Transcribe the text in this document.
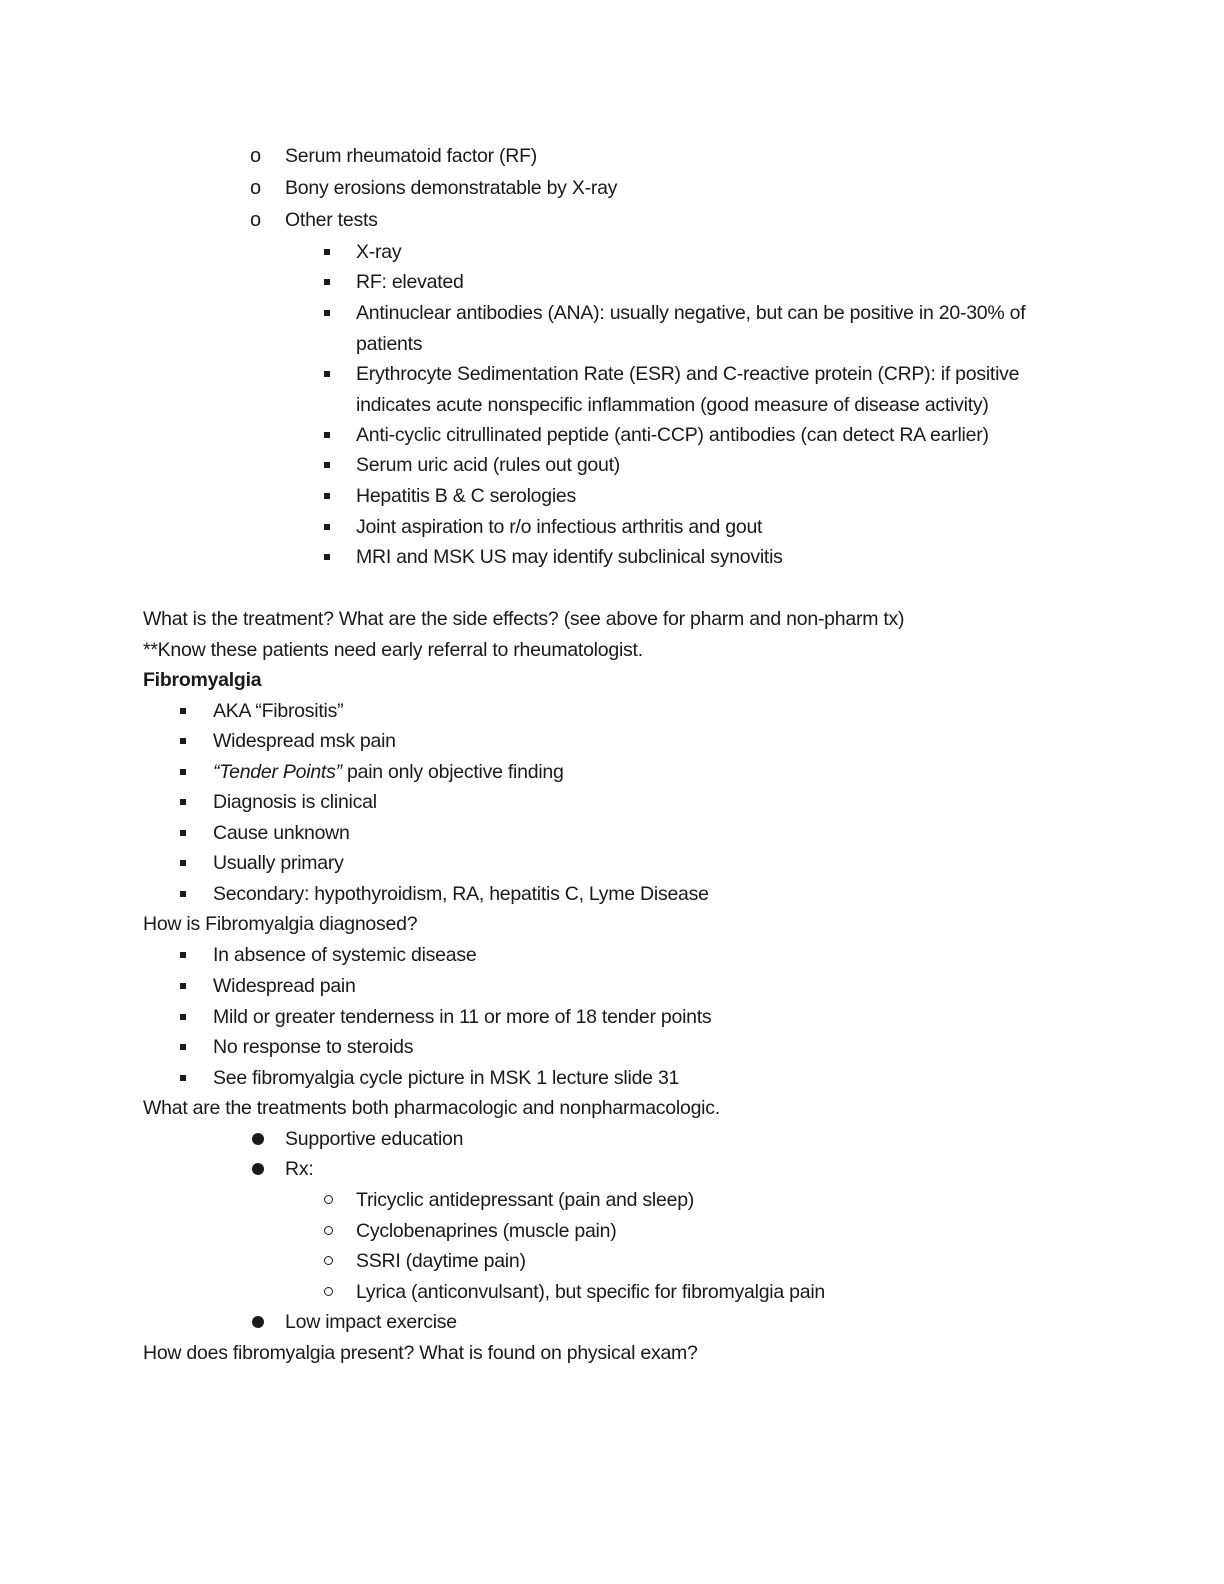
o	Serum rheumatoid factor (RF)
o	Bony erosions demonstratable by X-ray
o	Other tests
X-ray
RF: elevated
Antinuclear antibodies (ANA): usually negative, but can be positive in 20-30% of
patients
Erythrocyte Sedimentation Rate (ESR) and C-reactive protein (CRP): if positive
indicates acute nonspecific inflammation (good measure of disease activity)
Anti-cyclic citrullinated peptide (anti-CCP) antibodies (can detect RA earlier)
Serum uric acid (rules out gout)
Hepatitis B & C serologies
Joint aspiration to r/o infectious arthritis and gout
MRI and MSK US may identify subclinical synovitis
What is the treatment? What are the side effects? (see above for pharm and non-pharm tx)
**Know these patients need early referral to rheumatologist.
Fibromyalgia
AKA “Fibrositis”
Widespread msk pain
“Tender Points” pain only objective finding
Diagnosis is clinical
Cause unknown
Usually primary
Secondary: hypothyroidism, RA, hepatitis C, Lyme Disease
How is Fibromyalgia diagnosed?
In absence of systemic disease
Widespread pain
Mild or greater tenderness in 11 or more of 18 tender points
No response to steroids
See fibromyalgia cycle picture in MSK 1 lecture slide 31
What are the treatments both pharmacologic and nonpharmacologic.
Supportive education
Rx:
Tricyclic antidepressant (pain and sleep)
Cyclobenaprines (muscle pain)
SSRI (daytime pain)
Lyrica (anticonvulsant), but specific for fibromyalgia pain
Low impact exercise
How does fibromyalgia present? What is found on physical exam?
